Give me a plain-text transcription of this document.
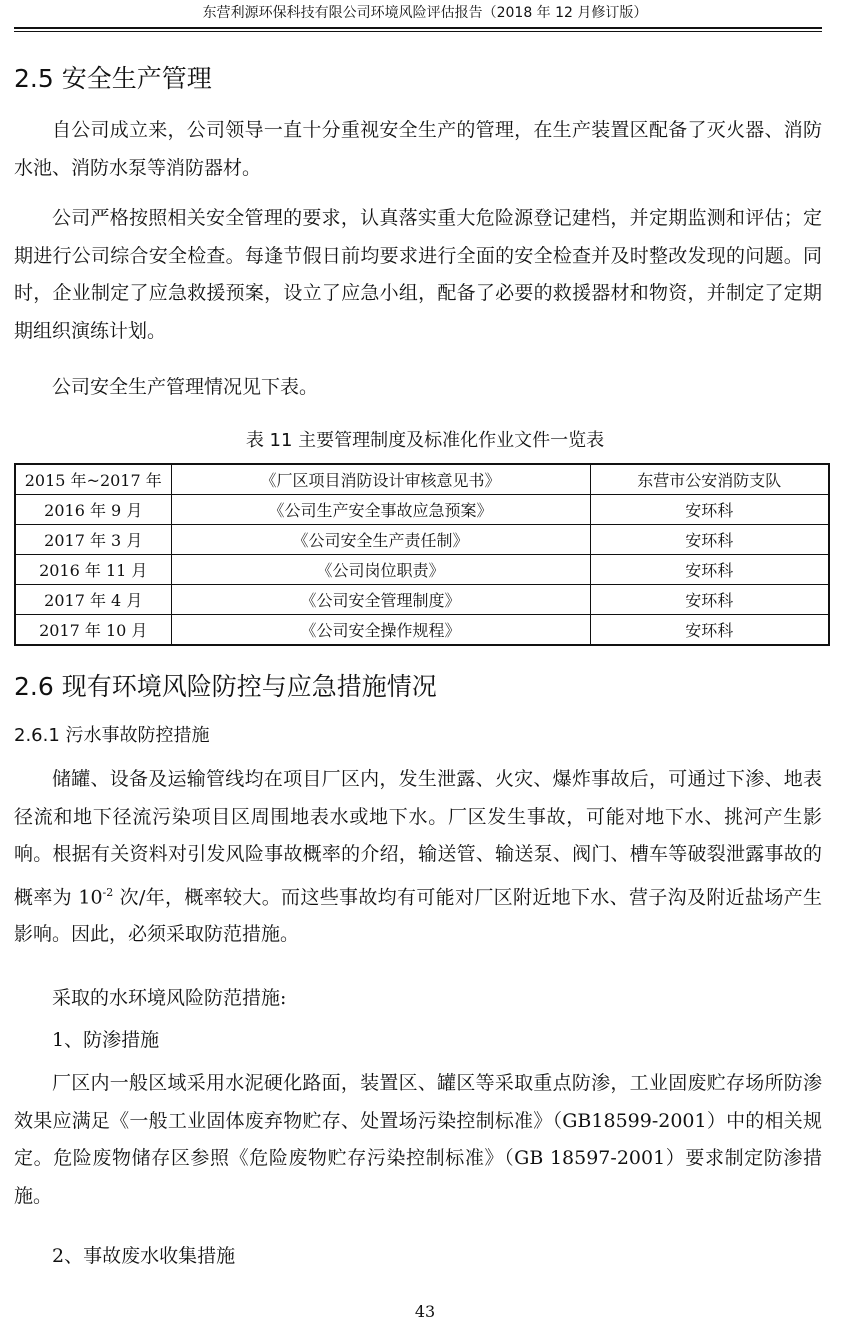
东营利源环保科技有限公司环境风险评估报告（2018 年 12 月修订版）
2.5 安全生产管理

自公司成立来，公司领导一直十分重视安全生产的管理，在生产装置区配备了灭火器、消防水池、消防水泵等消防器材。

公司严格按照相关安全管理的要求，认真落实重大危险源登记建档，并定期监测和评估；定期进行公司综合安全检查。每逢节假日前均要求进行全面的安全检查并及时整改发现的问题。同时，企业制定了应急救援预案，设立了应急小组，配备了必要的救援器材和物资，并制定了定期期组织演练计划。

公司安全生产管理情况见下表。

表 11 主要管理制度及标准化作业文件一览表
2015 年~2017 年	《厂区项目消防设计审核意见书》	东营市公安消防支队
2016 年 9 月	《公司生产安全事故应急预案》	安环科
2017 年 3 月	《公司安全生产责任制》	安环科
2016 年 11 月	《公司岗位职责》	安环科
2017 年 4 月	《公司安全管理制度》	安环科
2017 年 10 月	《公司安全操作规程》	安环科
2.6 现有环境风险防控与应急措施情况
2.6.1 污水事故防控措施

储罐、设备及运输管线均在项目厂区内，发生泄露、火灾、爆炸事故后，可通过下渗、地表径流和地下径流污染项目区周围地表水或地下水。厂区发生事故，可能对地下水、挑河产生影响。根据有关资料对引发风险事故概率的介绍，输送管、输送泵、阀门、槽车等破裂泄露事故的概率为 $10^{-2}$ 次/年，概率较大。而这些事故均有可能对厂区附近地下水、营子沟及附近盐场产生影响。因此，必须采取防范措施。

采取的水环境风险防范措施:

1、防渗措施

厂区内一般区域采用水泥硬化路面，装置区、罐区等采取重点防渗，工业固废贮存场所防渗效果应满足《一般工业固体废弃物贮存、处置场污染控制标准》（GB18599-2001）中的相关规定。危险废物储存区参照《危险废物贮存污染控制标准》（GB 18597-2001）要求制定防渗措施。

2、事故废水收集措施

43
